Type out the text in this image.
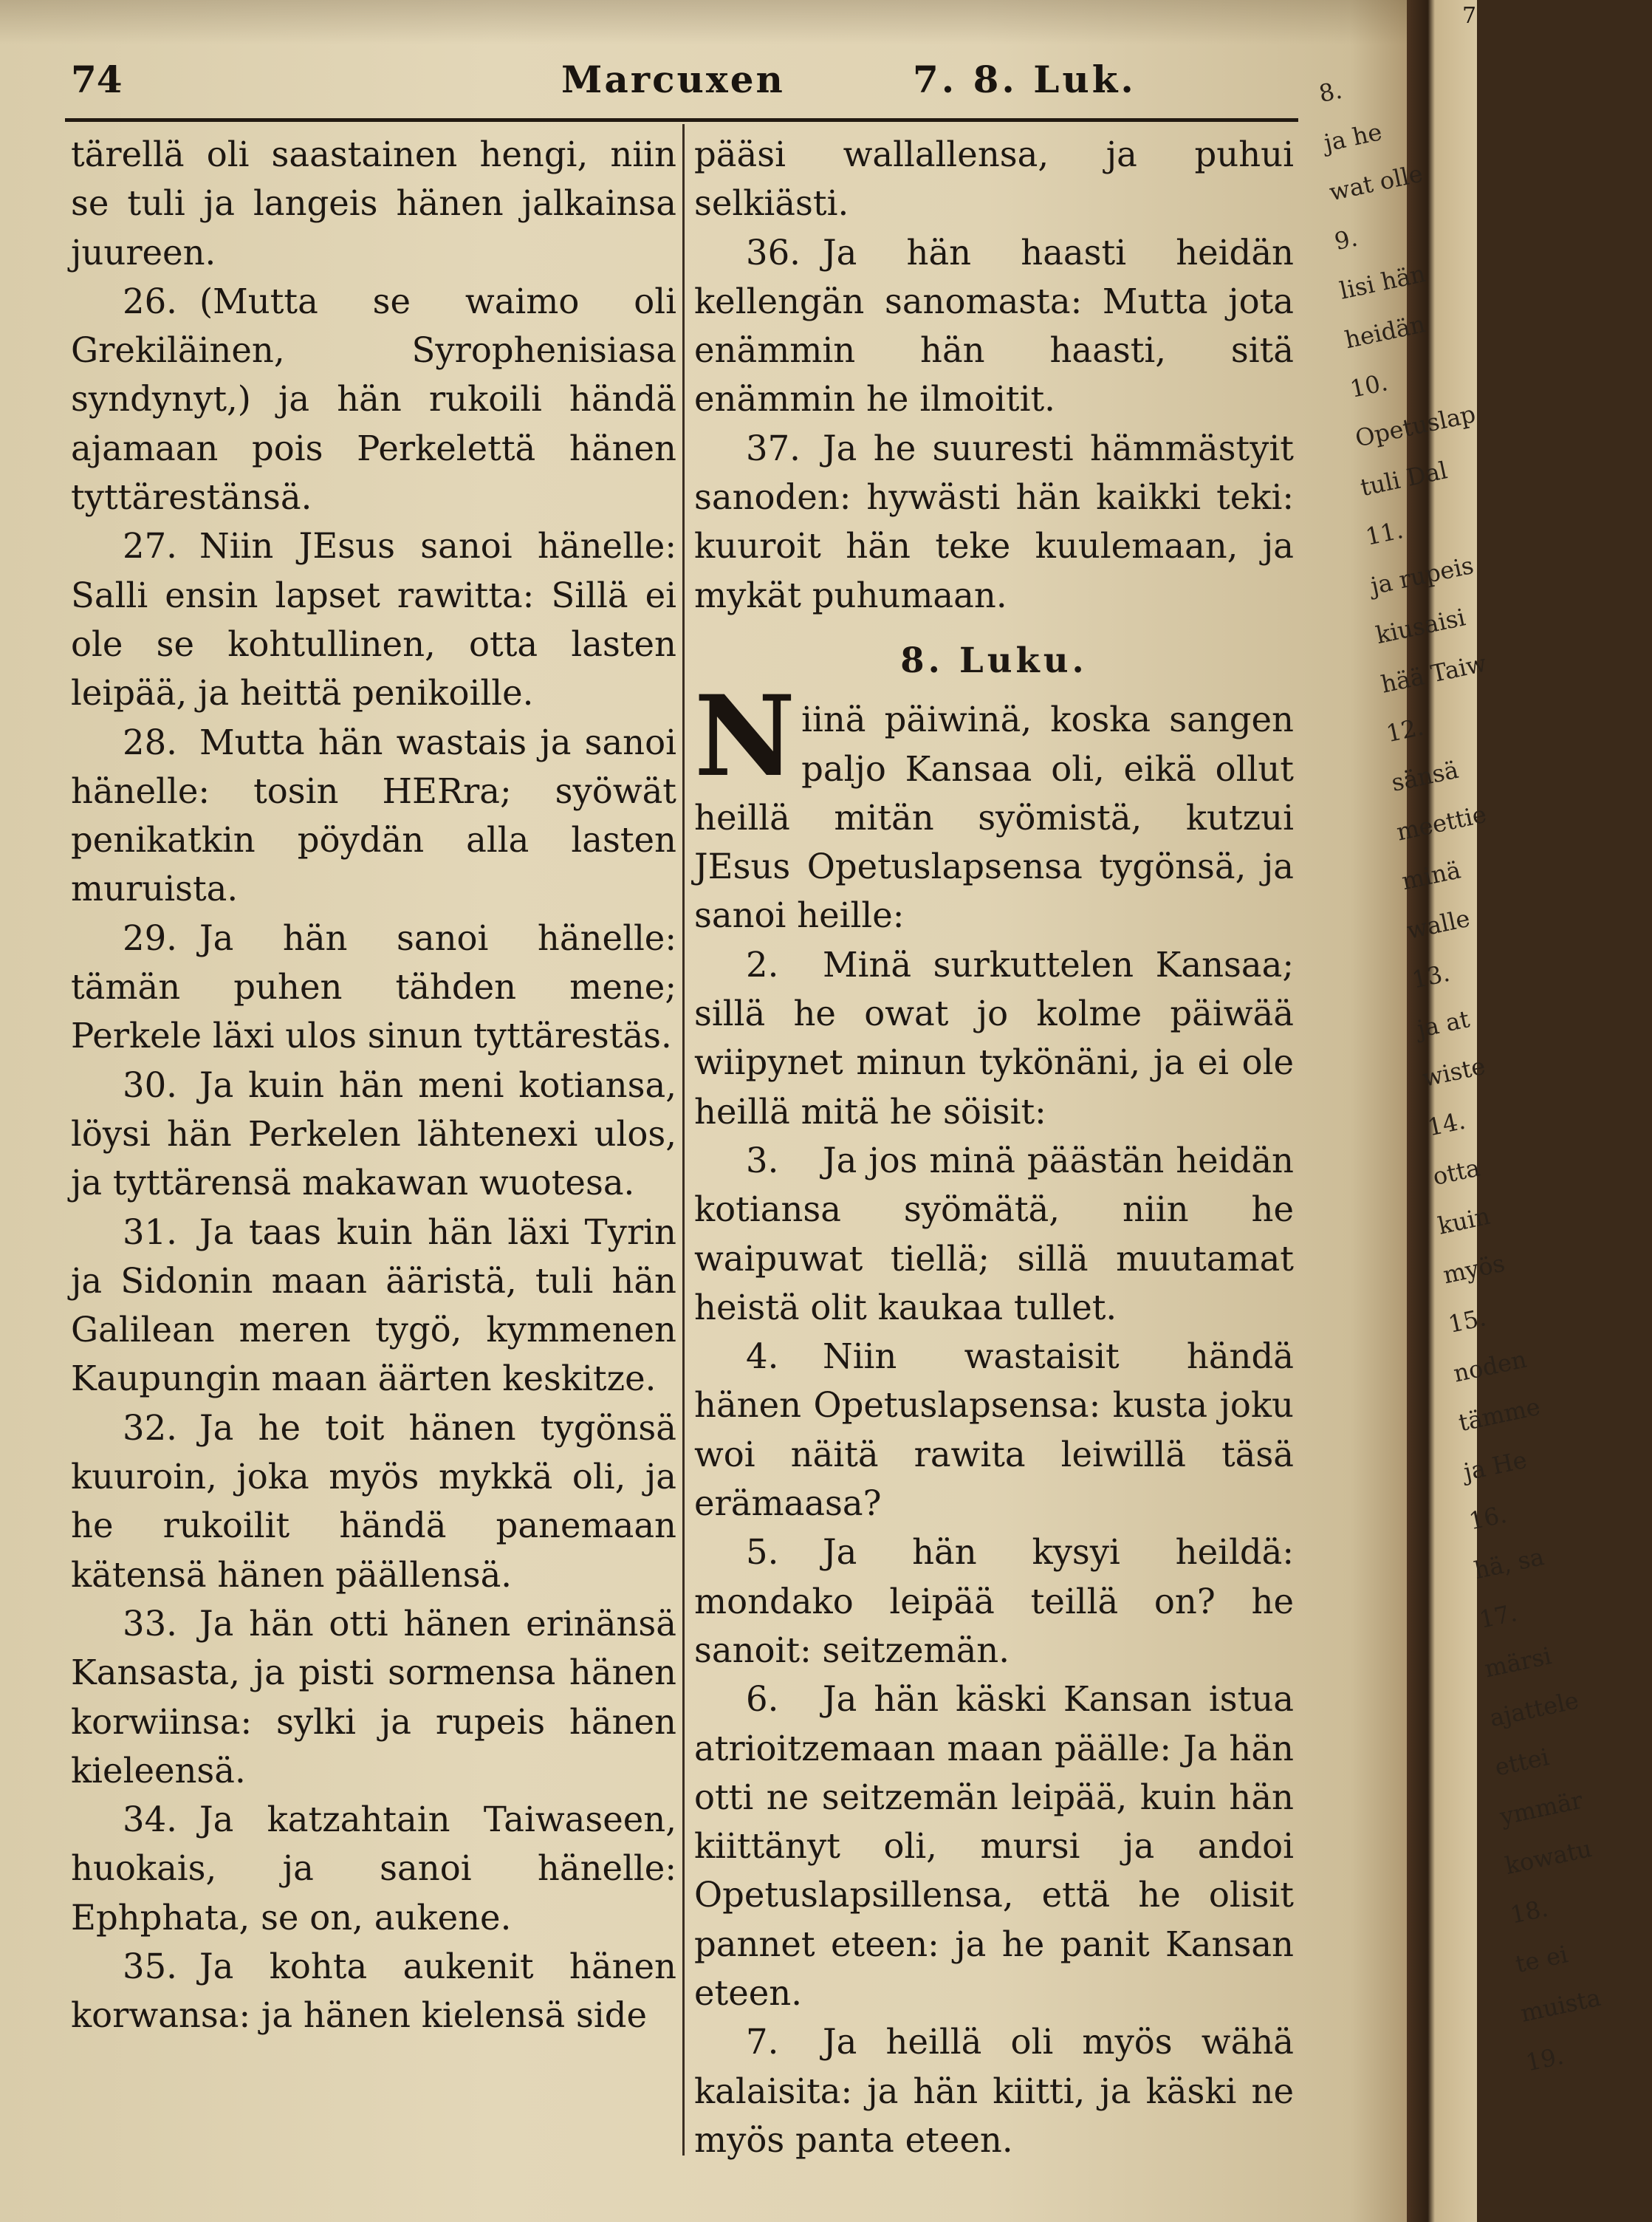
74	Marcuxen	7. 8. Luk.

tärellä oli saastainen hengi, niin se tuli ja langeis hänen jalkainsa juureen.

26. (Mutta se waimo oli Grekiläinen, Syrophenisiasa syndynyt,) ja hän rukoili händä ajamaan pois Perkelettä hänen tyttärestänsä.

27. Niin JEsus sanoi hänelle: Salli ensin lapset rawitta: Sillä ei ole se kohtullinen, otta lasten leipää, ja heittä penikoille.

28. Mutta hän wastais ja sanoi hänelle: tosin HERra; syöwät penikatkin pöydän alla lasten muruista.

29. Ja hän sanoi hänelle: tämän puhen tähden mene; Perkele läxi ulos sinun tyttärestäs.

30. Ja kuin hän meni kotiansa, löysi hän Perkelen lähtenexi ulos, ja tyttärensä makawan wuotesa.

31. Ja taas kuin hän läxi Tyrin ja Sidonin maan ääristä, tuli hän Galilean meren tygö, kymmenen Kaupungin maan äärten keskitze.

32. Ja he toit hänen tygönsä kuuroin, joka myös mykkä oli, ja he rukoilit händä panemaan kätensä hänen päällensä.

33. Ja hän otti hänen erinänsä Kansasta, ja pisti sormensa hänen korwiinsa: sylki ja rupeis hänen kieleensä.

34. Ja katzahtain Taiwaseen, huokais, ja sanoi hänelle: Ephphata, se on, aukene.

35. Ja kohta aukenit hänen korwansa: ja hänen kielensä side

pääsi wallallensa, ja puhui selkiästi.

36. Ja hän haasti heidän kellengän sanomasta: Mutta jota enämmin hän haasti, sitä enämmin he ilmoitit.

37. Ja he suuresti hämmästyit sanoden: hywästi hän kaikki teki: kuuroit hän teke kuulemaan, ja mykät puhumaan.

8. Luku.

Niinä päiwinä, koska sangen paljo Kansaa oli, eikä ollut heillä mitän syömistä, kutzui JEsus Opetuslapsensa tygönsä, ja sanoi heille:

2. Minä surkuttelen Kansaa; sillä he owat jo kolme päiwää wiipynet minun tykönäni, ja ei ole heillä mitä he söisit:

3. Ja jos minä päästän heidän kotiansa syömätä, niin he waipuwat tiellä; sillä muutamat heistä olit kaukaa tullet.

4. Niin wastaisit händä hänen Opetuslapsensa: kusta joku woi näitä rawita leiwillä täsä erämaasa?

5. Ja hän kysyi heildä: mondako leipää teillä on? he sanoit: seitzemän.

6. Ja hän käski Kansan istua atrioitzemaan maan päälle: Ja hän otti ne seitzemän leipää, kuin hän kiittänyt oli, mursi ja andoi Opetuslapsillensa, että he olisit pannet eteen: ja he panit Kansan eteen.

7. Ja heillä oli myös wähä kalaisita: ja hän kiitti, ja käski ne myös panta eteen.

8.
ja he
wat olle
9.
lisi hän
heidän
10.
Opetuslap
tuli Dal
11.
ja rupeis
kiusaisi
hää Taiw
12.
sänsä
meettie
minä
walle
13.
ja at
wiste
14.
otta
kuin
myös
15.
noden
tämme
ja He
16.
hä, sa
17.
märsi
ajattele
ettei
ymmär
kowatu
18.
te ei
muista
19.
7
